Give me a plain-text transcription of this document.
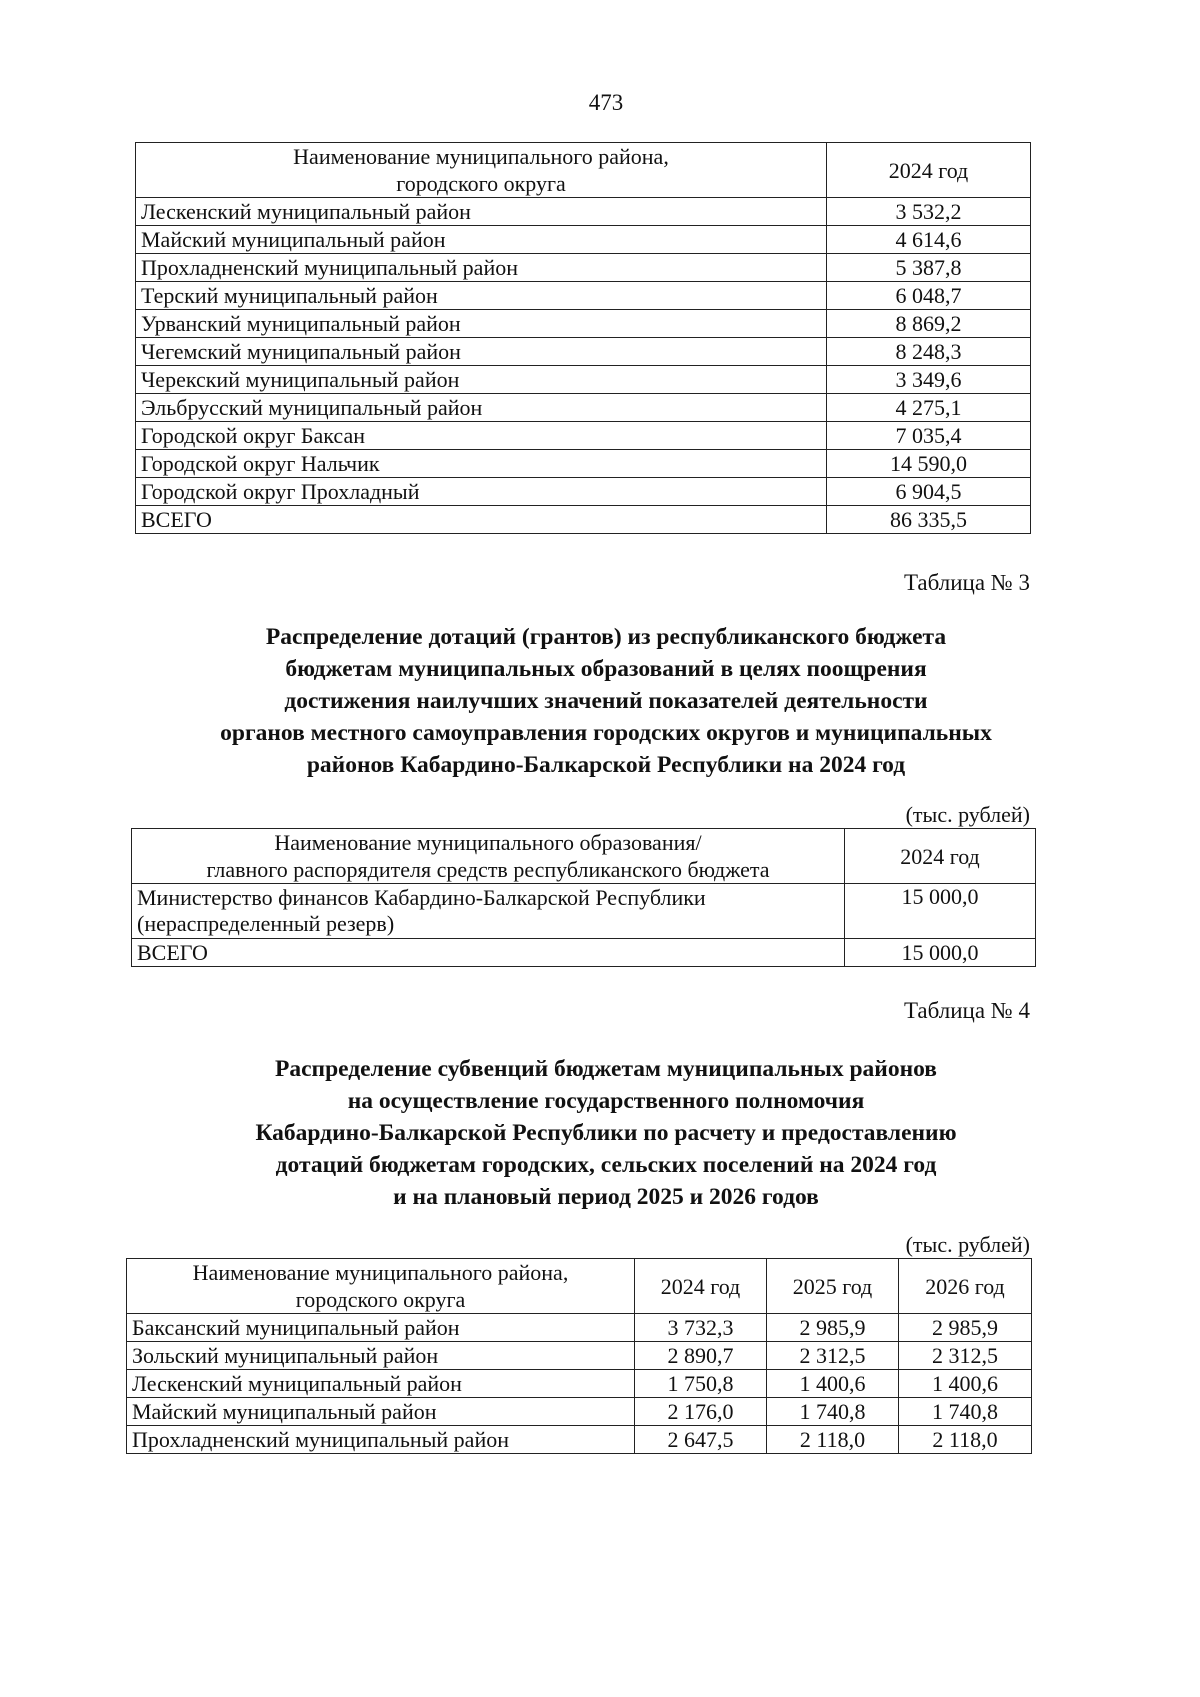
473
Наименование муниципального района,
городского округа	2024 год
Лескенский муниципальный район	3 532,2
Майский муниципальный район	4 614,6
Прохладненский муниципальный район	5 387,8
Терский муниципальный район	6 048,7
Урванский муниципальный район	8 869,2
Чегемский муниципальный район	8 248,3
Черекский муниципальный район	3 349,6
Эльбрусский муниципальный район	4 275,1
Городской округ Баксан	7 035,4
Городской округ Нальчик	14 590,0
Городской округ Прохладный	6 904,5
ВСЕГО	86 335,5
Таблица № 3
Распределение дотаций (грантов) из республиканского бюджета
бюджетам муниципальных образований в целях поощрения
достижения наилучших значений показателей деятельности
органов местного самоуправления городских округов и муниципальных
районов Кабардино-Балкарской Республики на 2024 год
(тыс. рублей)
Наименование муниципального образования/
главного распорядителя средств республиканского бюджета	2024 год

Министерство финансов Кабардино-Балкарской Республики
(нераспределенный резерв)	15 000,0
ВСЕГО	15 000,0
Таблица № 4
Распределение субвенций бюджетам муниципальных районов
на осуществление государственного полномочия
Кабардино-Балкарской Республики по расчету и предоставлению
дотаций бюджетам городских, сельских поселений на 2024 год
и на плановый период 2025 и 2026 годов
(тыс. рублей)
Наименование муниципального района,
городского округа	2024 год	2025 год	2026 год
Баксанский муниципальный район	3 732,3	2 985,9	2 985,9
Зольский муниципальный район	2 890,7	2 312,5	2 312,5
Лескенский муниципальный район	1 750,8	1 400,6	1 400,6
Майский муниципальный район	2 176,0	1 740,8	1 740,8
Прохладненский муниципальный район	2 647,5	2 118,0	2 118,0
